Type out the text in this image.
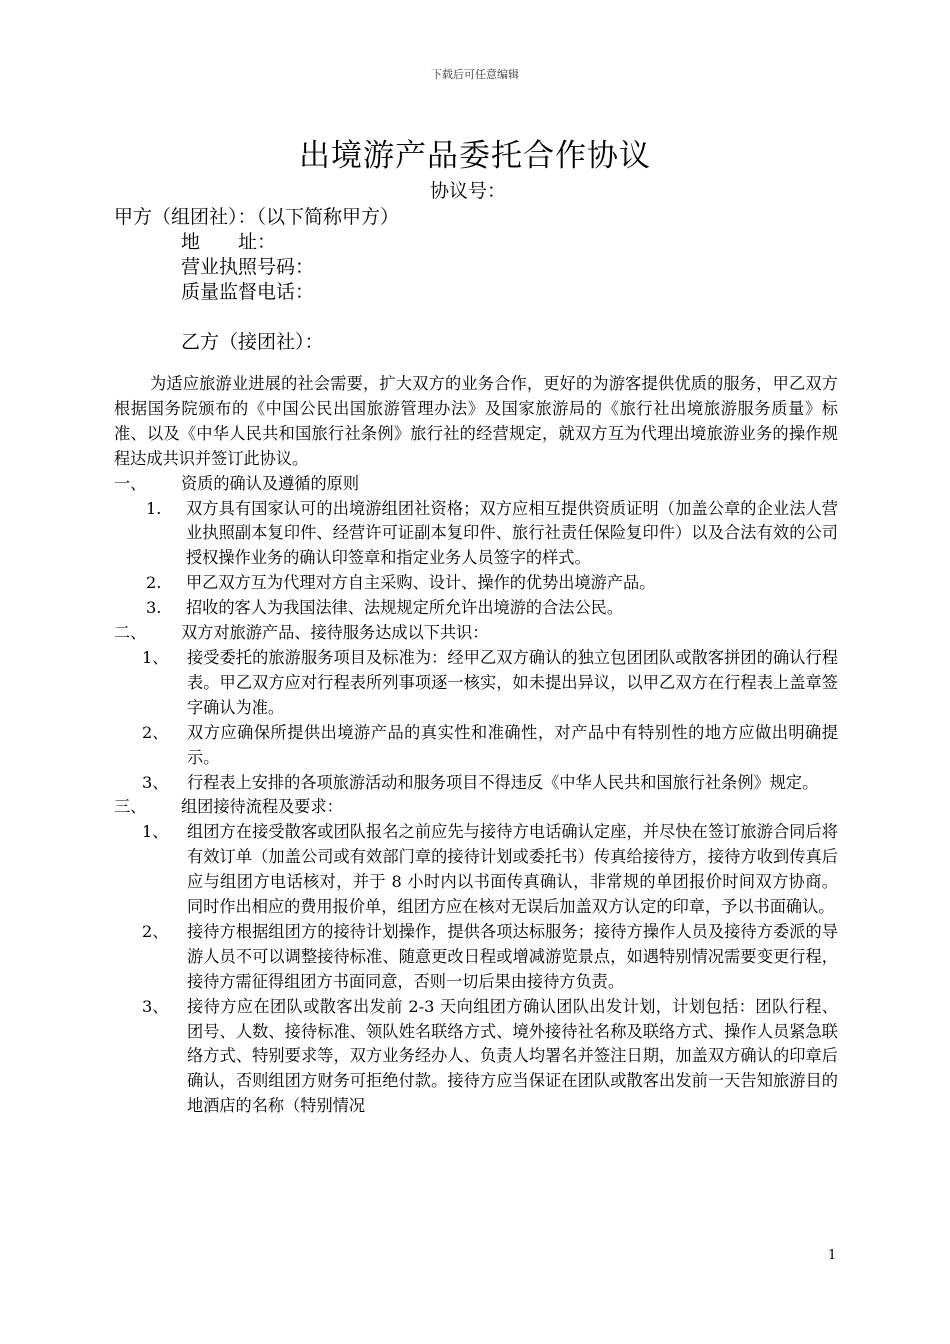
下载后可任意编辑
出境游产品委托合作协议
协议号：
甲方（组团社）：（以下简称甲方）
地　　址：
营业执照号码：
质量监督电话：
乙方（接团社）：

为适应旅游业进展的社会需要，扩大双方的业务合作，更好的为游客提供优质的服务，甲乙双方根据国务院颁布的《中国公民出国旅游管理办法》及国家旅游局的《旅行社出境旅游服务质量》标准、以及《中华人民共和国旅行社条例》旅行社的经营规定，就双方互为代理出境旅游业务的操作规程达成共识并签订此协议。

一、	资质的确认及遵循的原则
1.	双方具有国家认可的出境游组团社资格；双方应相互提供资质证明（加盖公章的企业法人营业执照副本复印件、经营许可证副本复印件、旅行社责任保险复印件）以及合法有效的公司授权操作业务的确认印签章和指定业务人员签字的样式。
2.	甲乙双方互为代理对方自主采购、设计、操作的优势出境游产品。
3.	招收的客人为我国法律、法规规定所允许出境游的合法公民。
二、	双方对旅游产品、接待服务达成以下共识：
1、	接受委托的旅游服务项目及标准为：经甲乙双方确认的独立包团团队或散客拼团的确认行程表。甲乙双方应对行程表所列事项逐一核实，如未提出异议，以甲乙双方在行程表上盖章签字确认为准。
2、	双方应确保所提供出境游产品的真实性和准确性，对产品中有特别性的地方应做出明确提示。
3、	行程表上安排的各项旅游活动和服务项目不得违反《中华人民共和国旅行社条例》规定。
三、	组团接待流程及要求：
1、	组团方在接受散客或团队报名之前应先与接待方电话确认定座，并尽快在签订旅游合同后将有效订单（加盖公司或有效部门章的接待计划或委托书）传真给接待方，接待方收到传真后应与组团方电话核对，并于 8 小时内以书面传真确认，非常规的单团报价时间双方协商。同时作出相应的费用报价单，组团方应在核对无误后加盖双方认定的印章，予以书面确认。
2、	接待方根据组团方的接待计划操作，提供各项达标服务；接待方操作人员及接待方委派的导游人员不可以调整接待标准、随意更改日程或增减游览景点，如遇特别情况需要变更行程，接待方需征得组团方书面同意，否则一切后果由接待方负责。
3、	接待方应在团队或散客出发前 2-3 天向组团方确认团队出发计划，计划包括：团队行程、团号、人数、接待标准、领队姓名联络方式、境外接待社名称及联络方式、操作人员紧急联络方式、特别要求等，双方业务经办人、负责人均署名并签注日期，加盖双方确认的印章后确认，否则组团方财务可拒绝付款。接待方应当保证在团队或散客出发前一天告知旅游目的地酒店的名称（特别情况
1
